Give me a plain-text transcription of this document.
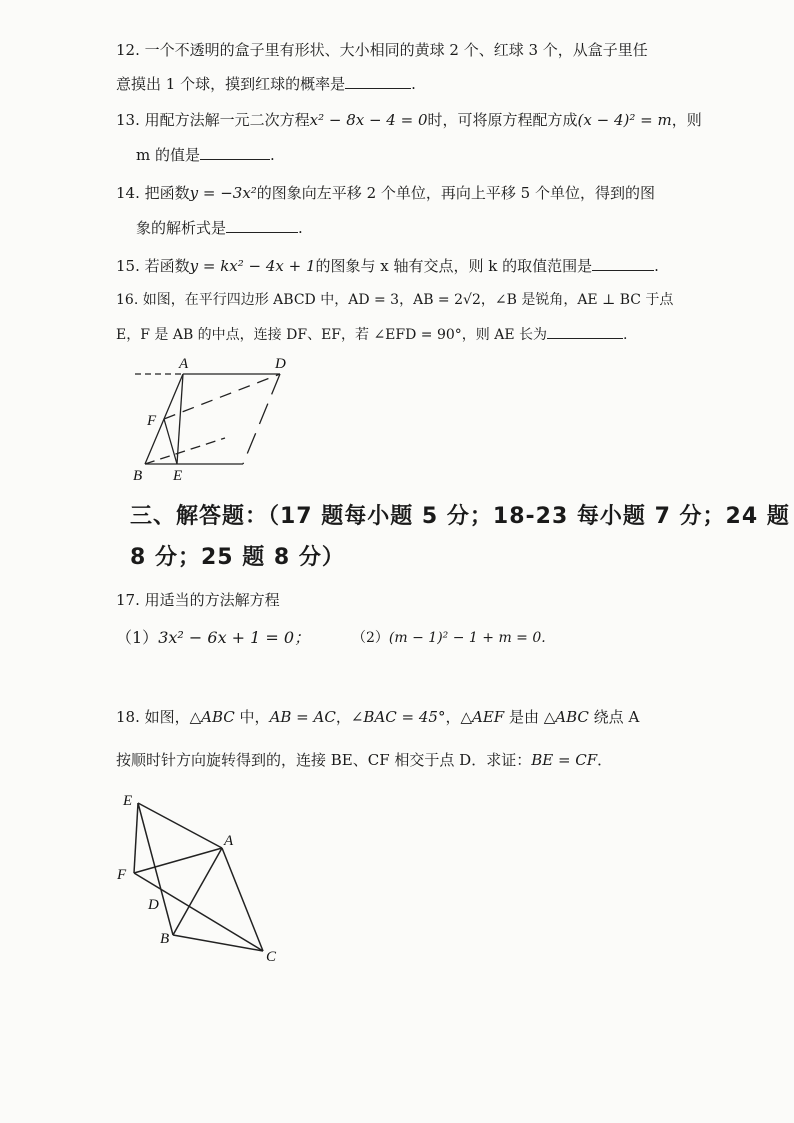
12. 一个不透明的盒子里有形状、大小相同的黄球 2 个、红球 3 个，从盒子里任
意摸出 1 个球，摸到红球的概率是	.
13. 用配方法解一元二次方程x² − 8x − 4 = 0时，可将原方程配方成(x − 4)² = m，则
m 的值是	.
14. 把函数y = −3x²的图象向左平移 2 个单位，再向上平移 5 个单位，得到的图
象的解析式是	.
15. 若函数y = kx² − 4x + 1的图象与 x 轴有交点，则 k 的取值范围是	.
16. 如图，在平行四边形 ABCD 中，AD = 3，AB = 2√2，∠B 是锐角，AE ⊥ BC 于点
E，F 是 AB 的中点，连接 DF、EF，若 ∠EFD = 90°，则 AE 长为	.
A	D
F
B E
三、解答题：（17 题每小题 5 分；18-23 每小题 7 分；24 题
8 分；25 题 8 分）
17. 用适当的方法解方程
（1）3x² − 6x + 1 = 0；	（2）(m − 1)² − 1 + m = 0.
18. 如图，△ABC 中，AB = AC，∠BAC = 45°，△AEF 是由 △ABC 绕点 A
按顺时针方向旋转得到的，连接 BE、CF 相交于点 D．求证：BE = CF．
E
A
F
D
B
C
